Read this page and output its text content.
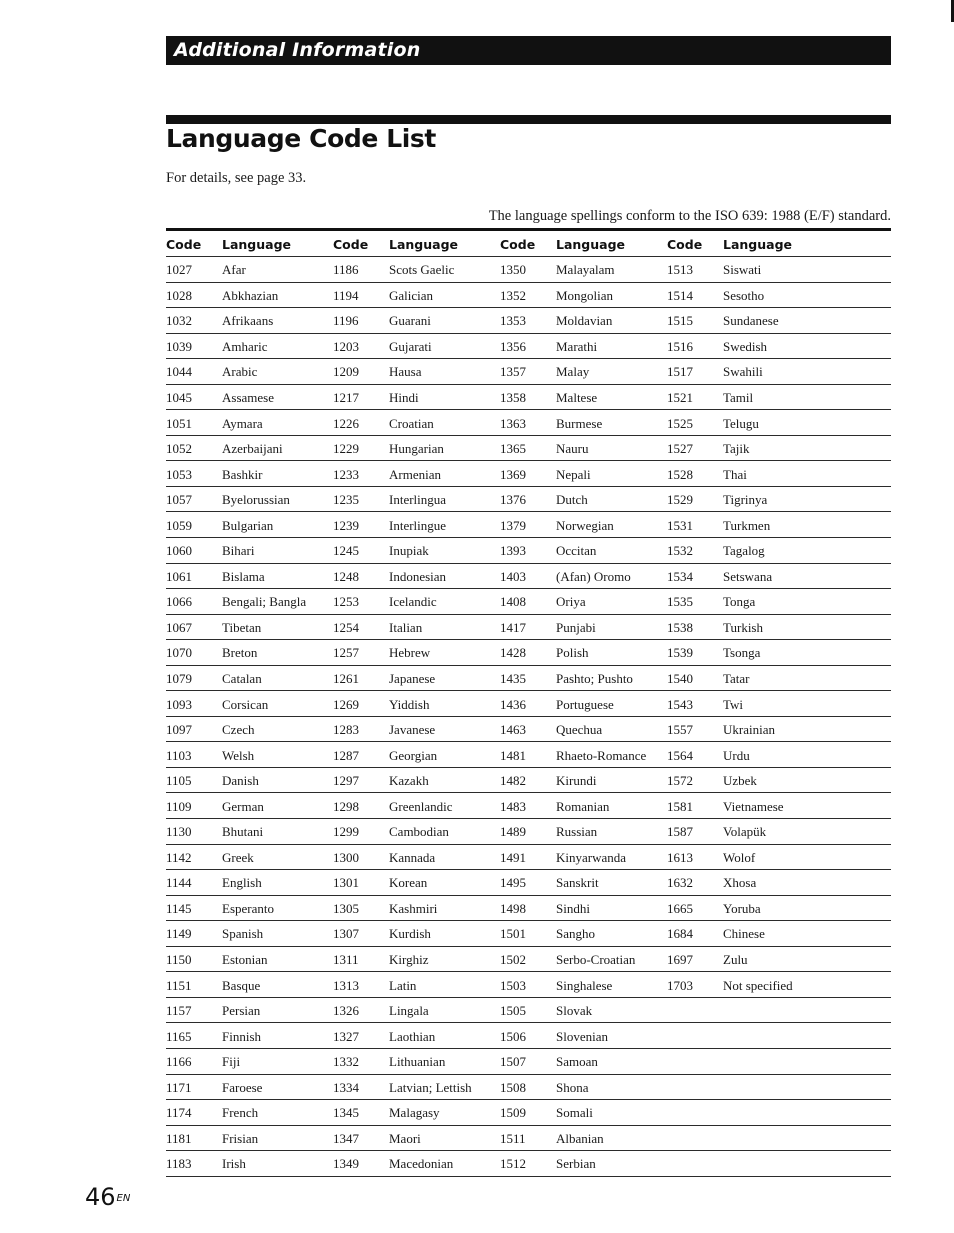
Additional Information
Language Code List
For details, see page 33.
The language spellings conform to the ISO 639: 1988 (E/F) standard.
Code	Language	Code	Language	Code	Language	Code	Language
1027	Afar	1186	Scots Gaelic	1350	Malayalam	1513	Siswati
1028	Abkhazian	1194	Galician	1352	Mongolian	1514	Sesotho
1032	Afrikaans	1196	Guarani	1353	Moldavian	1515	Sundanese
1039	Amharic	1203	Gujarati	1356	Marathi	1516	Swedish
1044	Arabic	1209	Hausa	1357	Malay	1517	Swahili
1045	Assamese	1217	Hindi	1358	Maltese	1521	Tamil
1051	Aymara	1226	Croatian	1363	Burmese	1525	Telugu
1052	Azerbaijani	1229	Hungarian	1365	Nauru	1527	Tajik
1053	Bashkir	1233	Armenian	1369	Nepali	1528	Thai
1057	Byelorussian	1235	Interlingua	1376	Dutch	1529	Tigrinya
1059	Bulgarian	1239	Interlingue	1379	Norwegian	1531	Turkmen
1060	Bihari	1245	Inupiak	1393	Occitan	1532	Tagalog
1061	Bislama	1248	Indonesian	1403	(Afan) Oromo	1534	Setswana
1066	Bengali; Bangla	1253	Icelandic	1408	Oriya	1535	Tonga
1067	Tibetan	1254	Italian	1417	Punjabi	1538	Turkish
1070	Breton	1257	Hebrew	1428	Polish	1539	Tsonga
1079	Catalan	1261	Japanese	1435	Pashto; Pushto	1540	Tatar
1093	Corsican	1269	Yiddish	1436	Portuguese	1543	Twi
1097	Czech	1283	Javanese	1463	Quechua	1557	Ukrainian
1103	Welsh	1287	Georgian	1481	Rhaeto-Romance	1564	Urdu
1105	Danish	1297	Kazakh	1482	Kirundi	1572	Uzbek
1109	German	1298	Greenlandic	1483	Romanian	1581	Vietnamese
1130	Bhutani	1299	Cambodian	1489	Russian	1587	Volapük
1142	Greek	1300	Kannada	1491	Kinyarwanda	1613	Wolof
1144	English	1301	Korean	1495	Sanskrit	1632	Xhosa
1145	Esperanto	1305	Kashmiri	1498	Sindhi	1665	Yoruba
1149	Spanish	1307	Kurdish	1501	Sangho	1684	Chinese
1150	Estonian	1311	Kirghiz	1502	Serbo-Croatian	1697	Zulu
1151	Basque	1313	Latin	1503	Singhalese	1703	Not specified
1157	Persian	1326	Lingala	1505	Slovak
1165	Finnish	1327	Laothian	1506	Slovenian
1166	Fiji	1332	Lithuanian	1507	Samoan
1171	Faroese	1334	Latvian; Lettish	1508	Shona
1174	French	1345	Malagasy	1509	Somali
1181	Frisian	1347	Maori	1511	Albanian
1183	Irish	1349	Macedonian	1512	Serbian
$46^{EN}$
